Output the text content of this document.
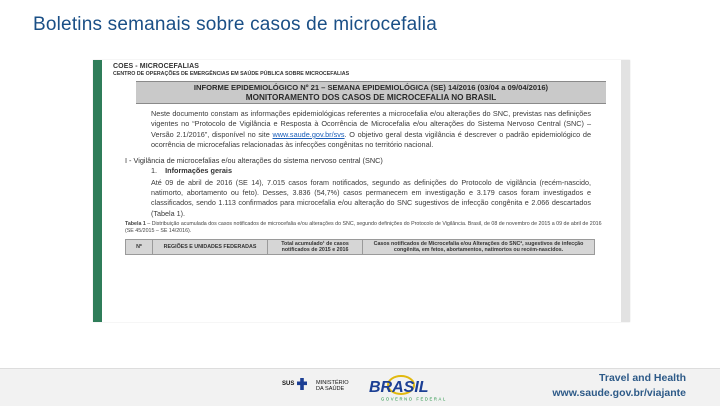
Boletins semanais sobre casos de microcefalia
COES - MICROCEFALIAS
CENTRO DE OPERAÇÕES DE EMERGÊNCIAS EM SAÚDE PÚBLICA SOBRE MICROCEFALIAS
INFORME EPIDEMIOLÓGICO Nº 21 – SEMANA EPIDEMIOLÓGICA (SE) 14/2016 (03/04 a 09/04/2016)
MONITORAMENTO DOS CASOS DE MICROCEFALIA NO BRASIL
Neste documento constam as informações epidemiológicas referentes a microcefalia e/ou alterações do SNC, previstas nas definições vigentes no “Protocolo de Vigilância e Resposta à Ocorrência de Microcefalia e/ou alterações do Sistema Nervoso Central (SNC) – Versão 2.1/2016”, disponível no site www.saude.gov.br/svs. O objetivo geral desta vigilância é descrever o padrão epidemiológico de ocorrência de microcefalias relacionadas às infecções congênitas no território nacional.
I - Vigilância de microcefalias e/ou alterações do sistema nervoso central (SNC)
1. Informações gerais
Até 09 de abril de 2016 (SE 14), 7.015 casos foram notificados, segundo as definições do Protocolo de vigilância (recém-nascido, natimorto, abortamento ou feto). Desses, 3.836 (54,7%) casos permanecem em investigação e 3.179 casos foram investigados e classificados, sendo 1.113 confirmados para microcefalia e/ou alteração do SNC sugestivos de infecção congênita e 2.066 descartados (Tabela 1).
Tabela 1 – Distribuição acumulada dos casos notificados de microcefalia e/ou alterações do SNC, segundo definições do Protocolo de Vigilância. Brasil, de 08 de novembro de 2015 a 09 de abril de 2016 (SE 45/2015 – SE 14/2016).
Nº	REGIÕES E UNIDADES FEDERADAS	Total acumulado¹ de casos notificados de 2015 e 2016	Casos notificados de Microcefalia e/ou Alterações do SNC², sugestivos de infecção congênita, em fetos, abortamentos, natimortos ou recém-nascidos.
SUS	MINISTÉRIO
DA SAÚDE BRASIL
GOVERNO FEDERAL
Travel and Health
www.saude.gov.br/viajante
